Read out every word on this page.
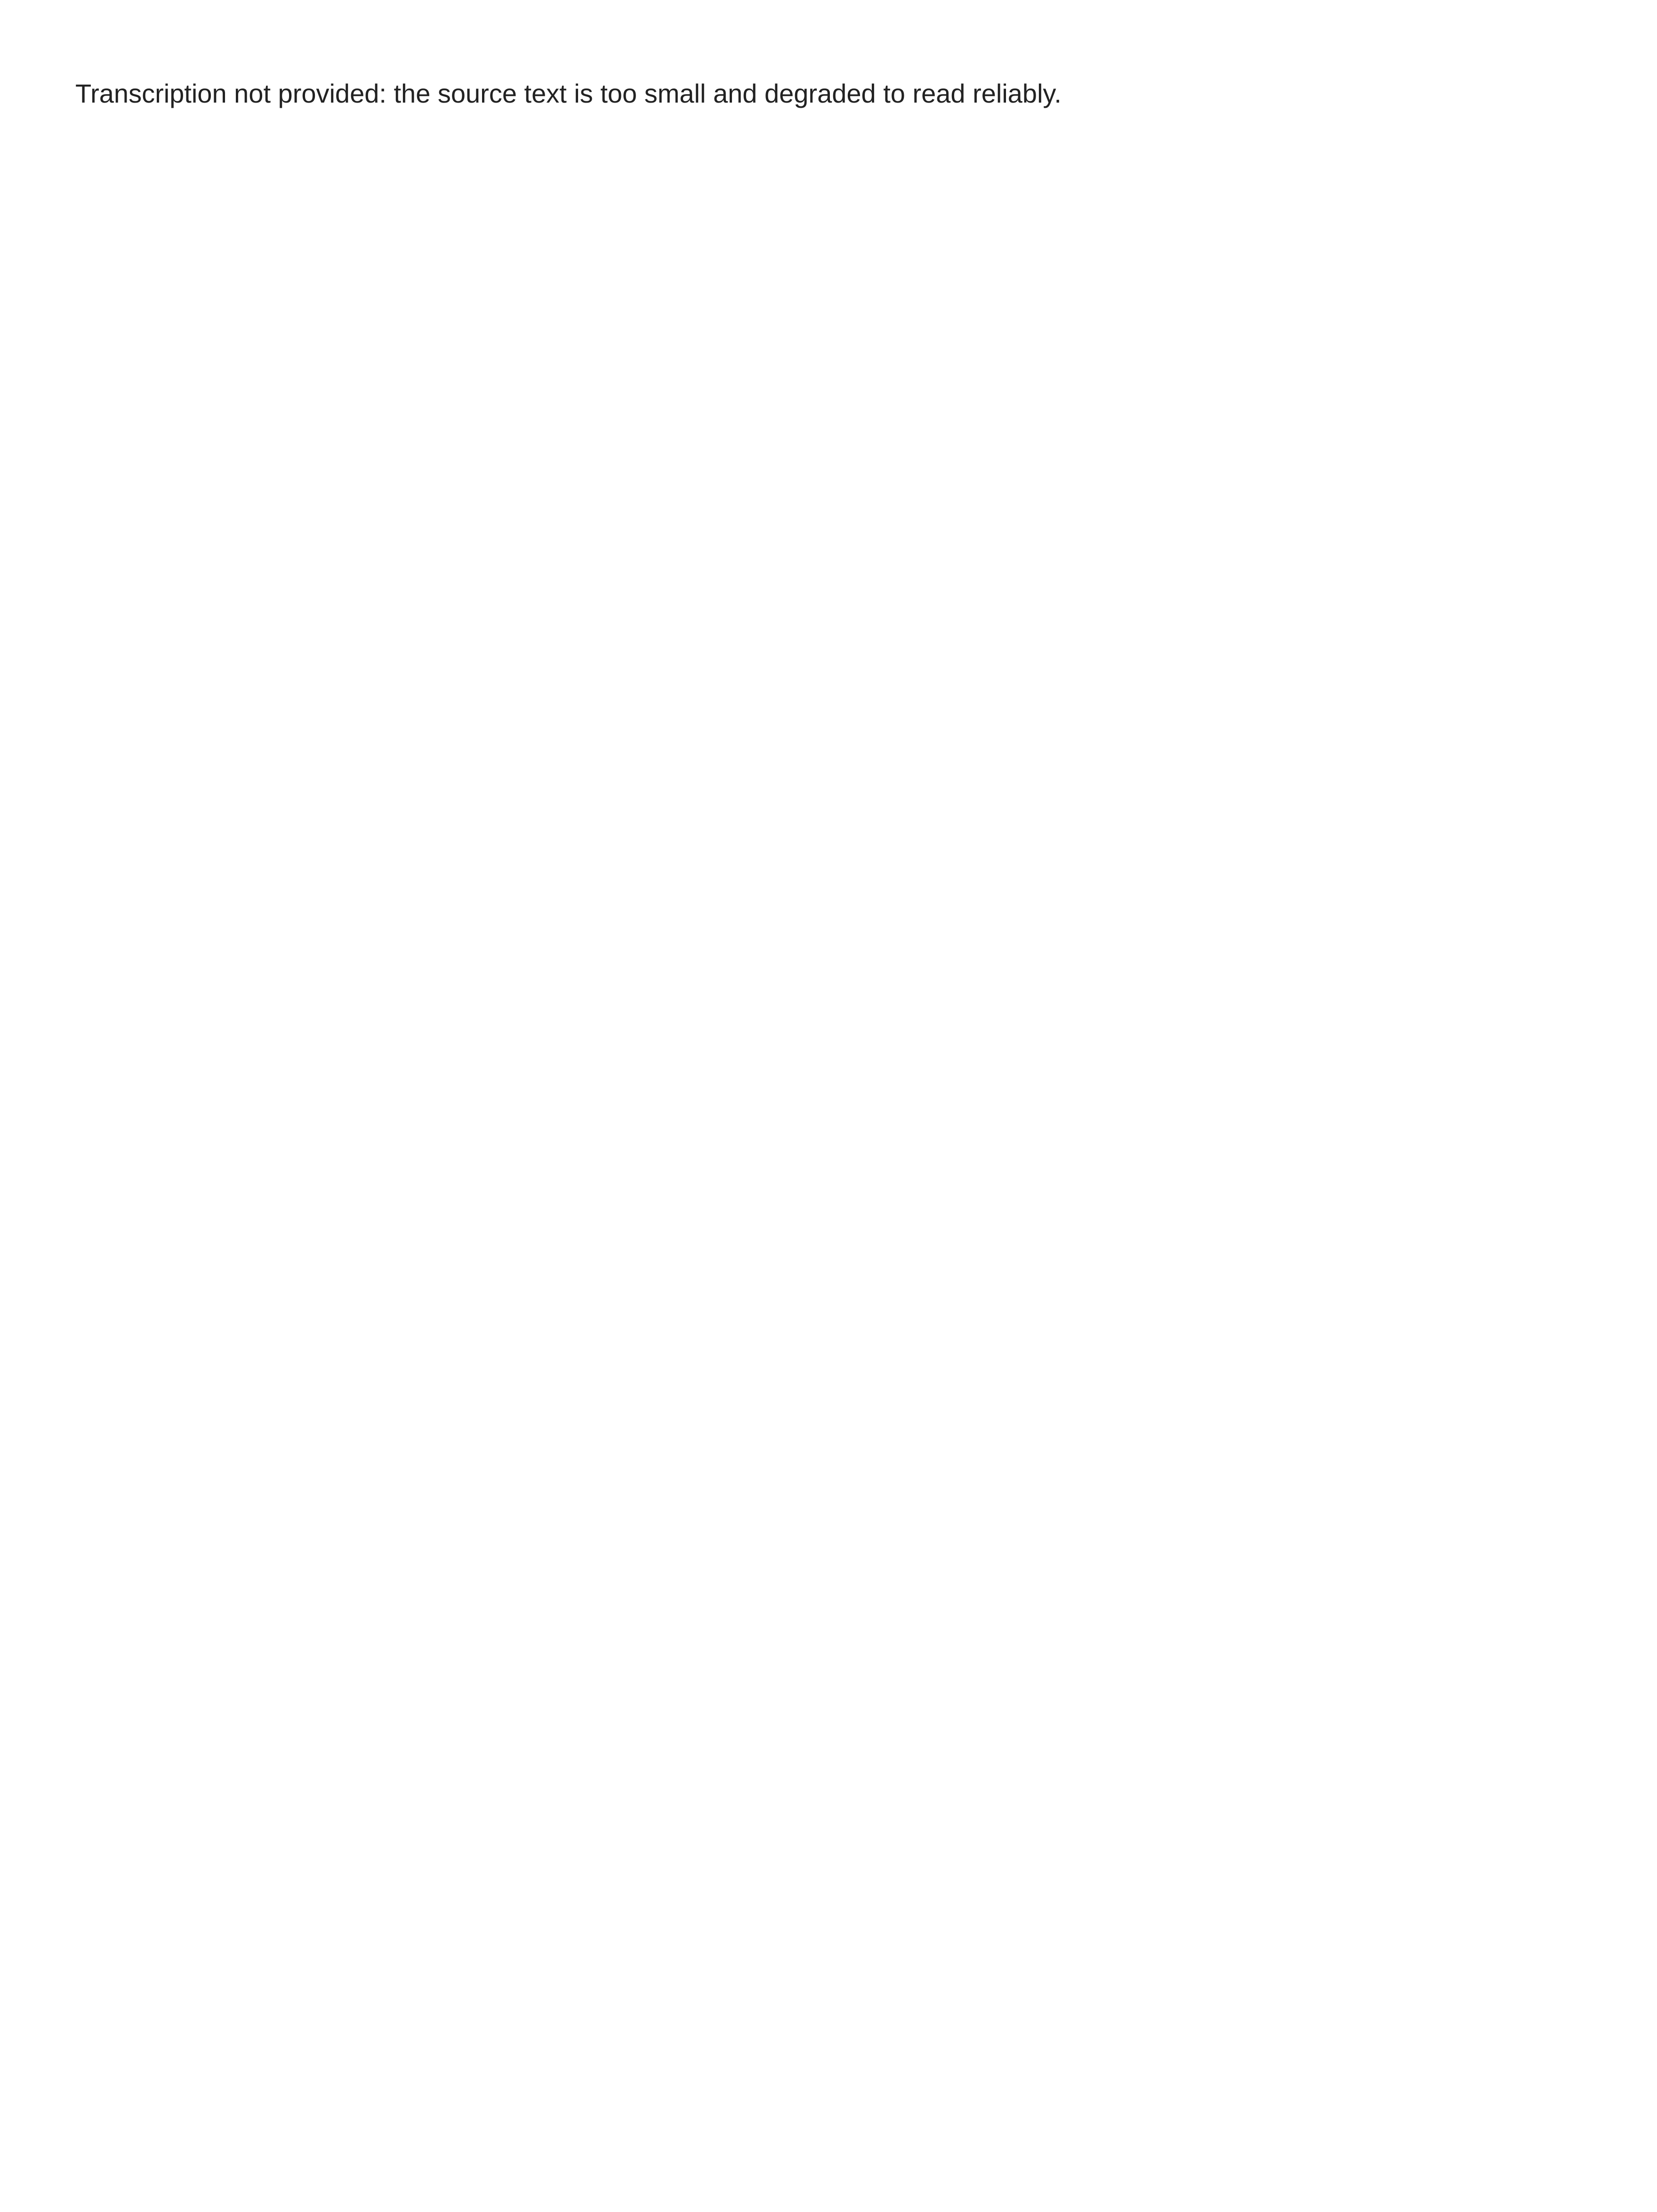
Transcription not provided: the source text is too small and degraded to read reliably.
